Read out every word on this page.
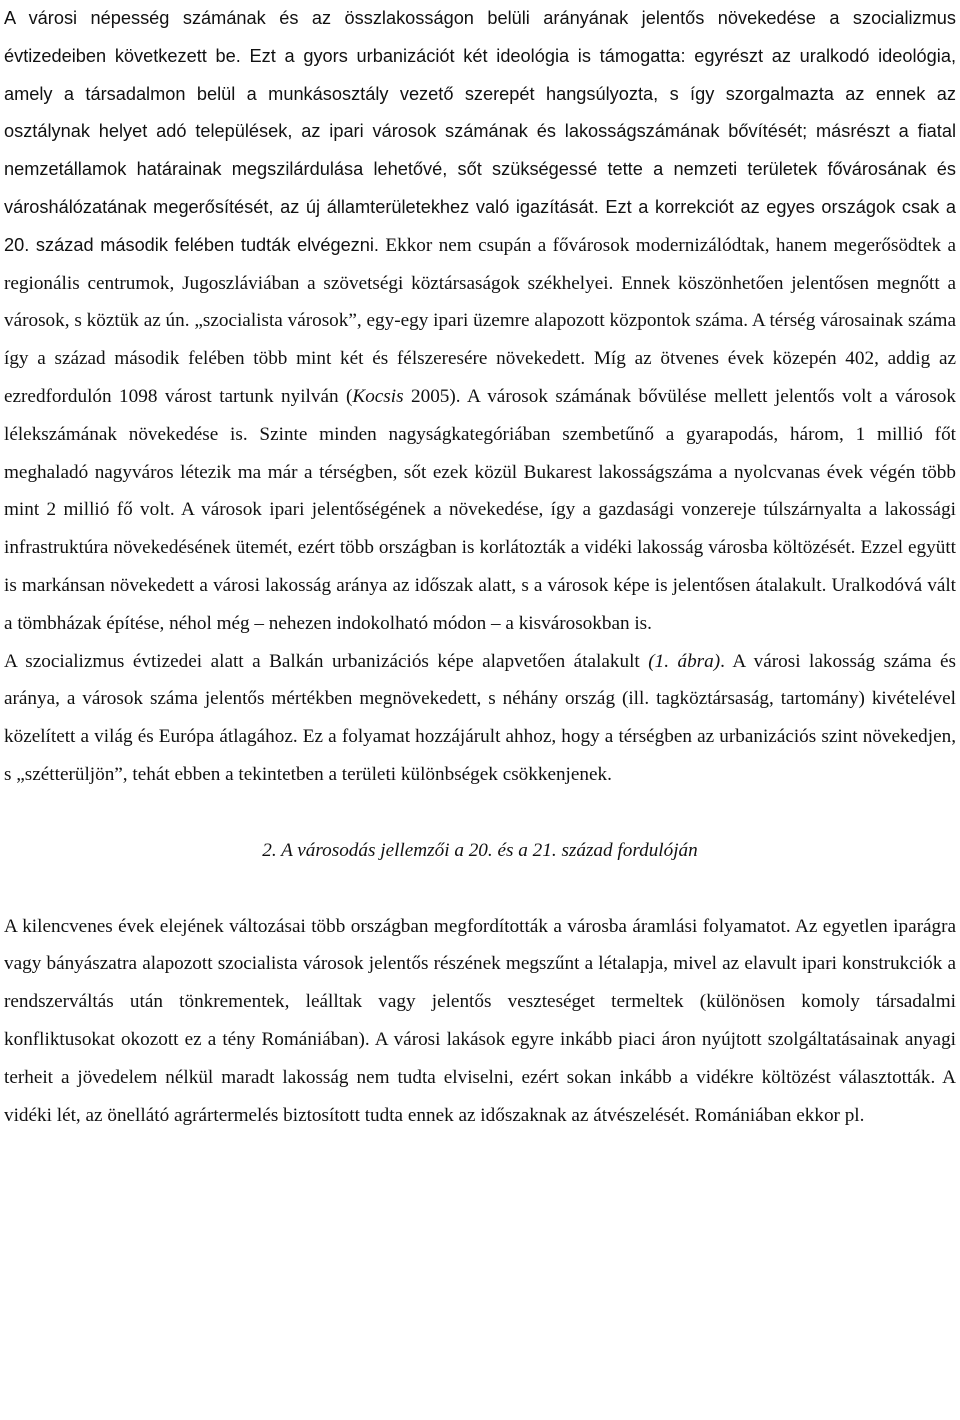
A városi népesség számának és az összlakosságon belüli arányának jelentős növekedése a szocializmus évtizedeiben következett be. Ezt a gyors urbanizációt két ideológia is támogatta: egyrészt az uralkodó ideológia, amely a társadalmon belül a munkásosztály vezető szerepét hangsúlyozta, s így szorgalmazta az ennek az osztálynak helyet adó települések, az ipari városok számának és lakosságszámának bővítését; másrészt a fiatal nemzetállamok határainak megszilárdulása lehetővé, sőt szükségessé tette a nemzeti területek fővárosának és városhálózatának megerősítését, az új államterületekhez való igazítását. Ezt a korrekciót az egyes országok csak a 20. század második felében tudták elvégezni. Ekkor nem csupán a fővárosok modernizálódtak, hanem megerősödtek a regionális centrumok, Jugoszláviában a szövetségi köztársaságok székhelyei. Ennek köszönhetően jelentősen megnőtt a városok, s köztük az ún. „szocialista városok”, egy-egy ipari üzemre alapozott központok száma. A térség városainak száma így a század második felében több mint két és félszeresére növekedett. Míg az ötvenes évek közepén 402, addig az ezredfordulón 1098 várost tartunk nyilván (Kocsis 2005). A városok számának bővülése mellett jelentős volt a városok lélekszámának növekedése is. Szinte minden nagyságkategóriában szembetűnő a gyarapodás, három, 1 millió főt meghaladó nagyváros létezik ma már a térségben, sőt ezek közül Bukarest lakosságszáma a nyolcvanas évek végén több mint 2 millió fő volt. A városok ipari jelentőségének a növekedése, így a gazdasági vonzereje túlszárnyalta a lakossági infrastruktúra növekedésének ütemét, ezért több országban is korlátozták a vidéki lakosság városba költözését. Ezzel együtt is markánsan növekedett a városi lakosság aránya az időszak alatt, s a városok képe is jelentősen átalakult. Uralkodóvá vált a tömbházak építése, néhol még – nehezen indokolható módon – a kisvárosokban is.

A szocializmus évtizedei alatt a Balkán urbanizációs képe alapvetően átalakult (1. ábra). A városi lakosság száma és aránya, a városok száma jelentős mértékben megnövekedett, s néhány ország (ill. tagköztársaság, tartomány) kivételével közelített a világ és Európa átlagához. Ez a folyamat hozzájárult ahhoz, hogy a térségben az urbanizációs szint növekedjen, s „szétterüljön”, tehát ebben a tekintetben a területi különbségek csökkenjenek.

2. A városodás jellemzői a 20. és a 21. század fordulóján

A kilencvenes évek elejének változásai több országban megfordították a városba áramlási folyamatot. Az egyetlen iparágra vagy bányászatra alapozott szocialista városok jelentős részének megszűnt a létalapja, mivel az elavult ipari konstrukciók a rendszerváltás után tönkrementek, leálltak vagy jelentős veszteséget termeltek (különösen komoly társadalmi konfliktusokat okozott ez a tény Romániában). A városi lakások egyre inkább piaci áron nyújtott szolgáltatásainak anyagi terheit a jövedelem nélkül maradt lakosság nem tudta elviselni, ezért sokan inkább a vidékre költözést választották. A vidéki lét, az önellátó agrártermelés biztosított tudta ennek az időszaknak az átvészelését. Romániában ekkor pl.
